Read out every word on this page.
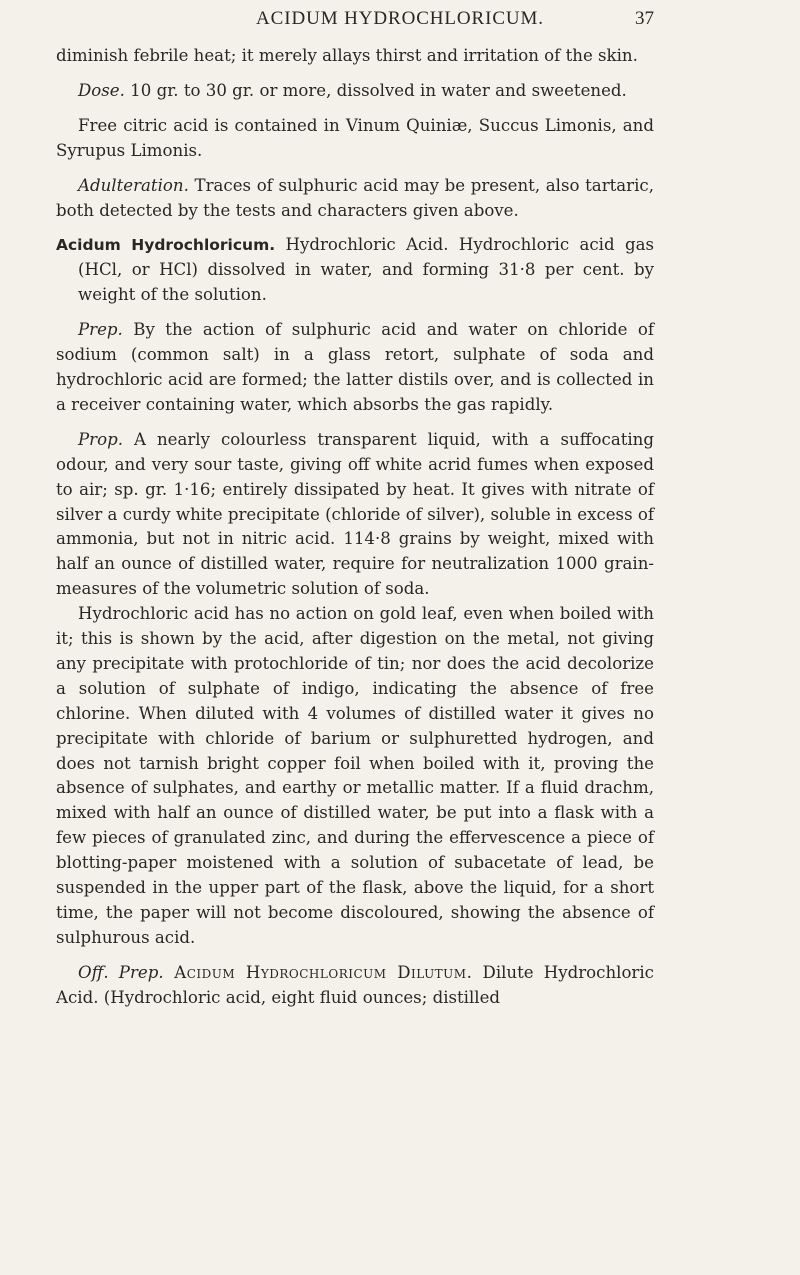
ACIDUM HYDROCHLORICUM.	37

diminish febrile heat; it merely allays thirst and irritation of the skin.

Dose. 10 gr. to 30 gr. or more, dissolved in water and sweetened.

Free citric acid is contained in Vinum Quiniæ, Succus Limonis, and Syrupus Limonis.

Adulteration. Traces of sulphuric acid may be present, also tartaric, both detected by the tests and characters given above.

Acidum Hydrochloricum. Hydrochloric Acid. Hydrochloric acid gas (HCl, or HCl) dissolved in water, and forming 31·8 per cent. by weight of the solution.

Prep. By the action of sulphuric acid and water on chloride of sodium (common salt) in a glass retort, sulphate of soda and hydrochloric acid are formed; the latter distils over, and is collected in a receiver containing water, which absorbs the gas rapidly.

Prop. A nearly colourless transparent liquid, with a suffocating odour, and very sour taste, giving off white acrid fumes when exposed to air; sp. gr. 1·16; entirely dissipated by heat. It gives with nitrate of silver a curdy white precipitate (chloride of silver), soluble in excess of ammonia, but not in nitric acid. 114·8 grains by weight, mixed with half an ounce of distilled water, require for neutralization 1000 grain-measures of the volumetric solution of soda.

Hydrochloric acid has no action on gold leaf, even when boiled with it; this is shown by the acid, after digestion on the metal, not giving any precipitate with protochloride of tin; nor does the acid decolorize a solution of sulphate of indigo, indicating the absence of free chlorine. When diluted with 4 volumes of distilled water it gives no precipitate with chloride of barium or sulphuretted hydrogen, and does not tarnish bright copper foil when boiled with it, proving the absence of sulphates, and earthy or metallic matter. If a fluid drachm, mixed with half an ounce of distilled water, be put into a flask with a few pieces of granulated zinc, and during the effervescence a piece of blotting-paper moistened with a solution of subacetate of lead, be suspended in the upper part of the flask, above the liquid, for a short time, the paper will not become discoloured, showing the absence of sulphurous acid.

Off. Prep. Acidum Hydrochloricum Dilutum. Dilute Hydrochloric Acid. (Hydrochloric acid, eight fluid ounces; distilled
